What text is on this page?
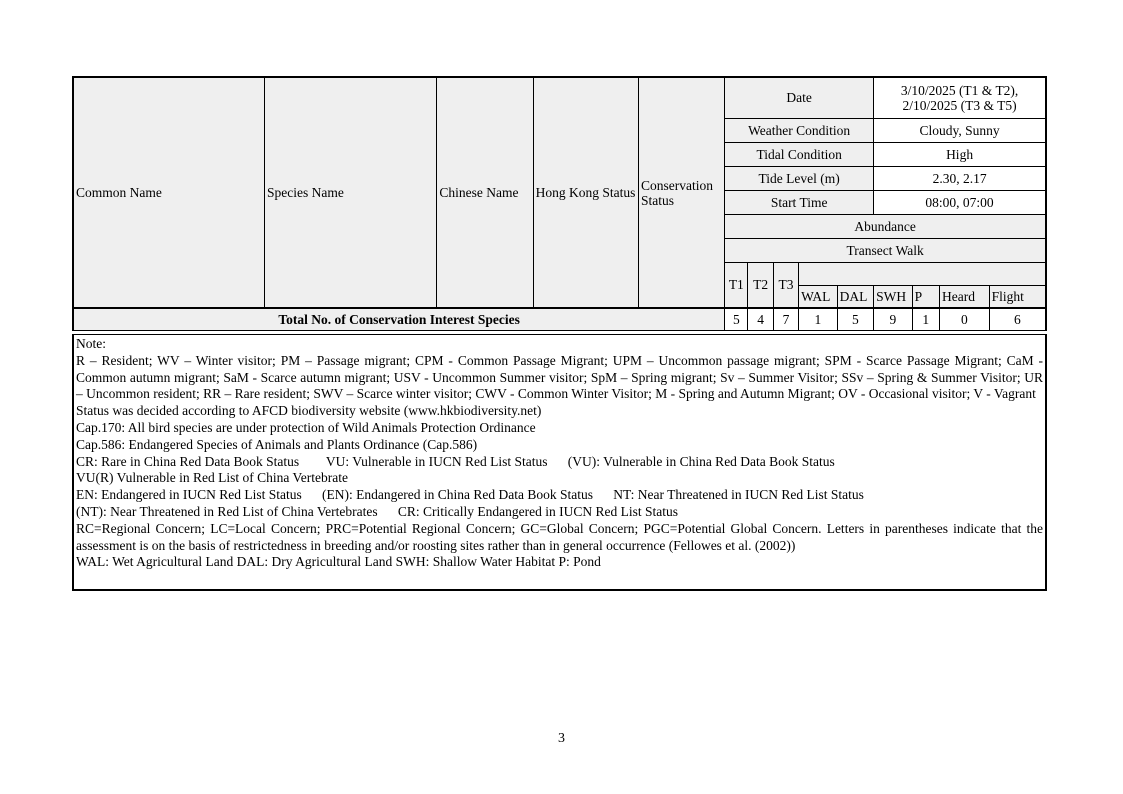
Common Name	Species Name	Chinese Name	Hong Kong Status	Conservation Status	Date					3/10/2025 (T1 & T2),
2/10/2025 (T3 & T5)			
					Weather Condition					Cloudy, Sunny			
					Tidal Condition					High			
					Tide Level (m)					2.30, 2.17			
					Start Time					08:00, 07:00			
					Abundance								
					Transect Walk								
					T1	T2	T3						
								WAL	DAL	SWH	P	Heard	Flight

Total No. of Conservation Interest Species					5	4	7	1	5	9	1	0	6
Note:
R – Resident; WV – Winter visitor; PM – Passage migrant; CPM - Common Passage Migrant; UPM – Uncommon passage migrant; SPM - Scarce Passage Migrant; CaM - Common autumn migrant; SaM - Scarce autumn migrant; USV - Uncommon Summer visitor; SpM – Spring migrant; Sv – Summer Visitor; SSv – Spring & Summer Visitor; UR – Uncommon resident; RR – Rare resident; SWV – Scarce winter visitor; CWV - Common Winter Visitor; M - Spring and Autumn Migrant; OV - Occasional visitor; V - Vagrant
Status was decided according to AFCD biodiversity website (www.hkbiodiversity.net)
Cap.170: All bird species are under protection of Wild Animals Protection Ordinance
Cap.586: Endangered Species of Animals and Plants Ordinance (Cap.586)
CR: Rare in China Red Data Book Status        VU: Vulnerable in IUCN Red List Status      (VU): Vulnerable in China Red Data Book Status
VU(R) Vulnerable in Red List of China Vertebrate
EN: Endangered in IUCN Red List Status      (EN): Endangered in China Red Data Book Status      NT: Near Threatened in IUCN Red List Status
(NT): Near Threatened in Red List of China Vertebrates      CR: Critically Endangered in IUCN Red List Status
RC=Regional Concern; LC=Local Concern; PRC=Potential Regional Concern; GC=Global Concern; PGC=Potential Global Concern. Letters in parentheses indicate that the assessment is on the basis of restrictedness in breeding and/or roosting sites rather than in general occurrence (Fellowes et al. (2002))
WAL: Wet Agricultural Land DAL: Dry Agricultural Land SWH: Shallow Water Habitat P: Pond
3
